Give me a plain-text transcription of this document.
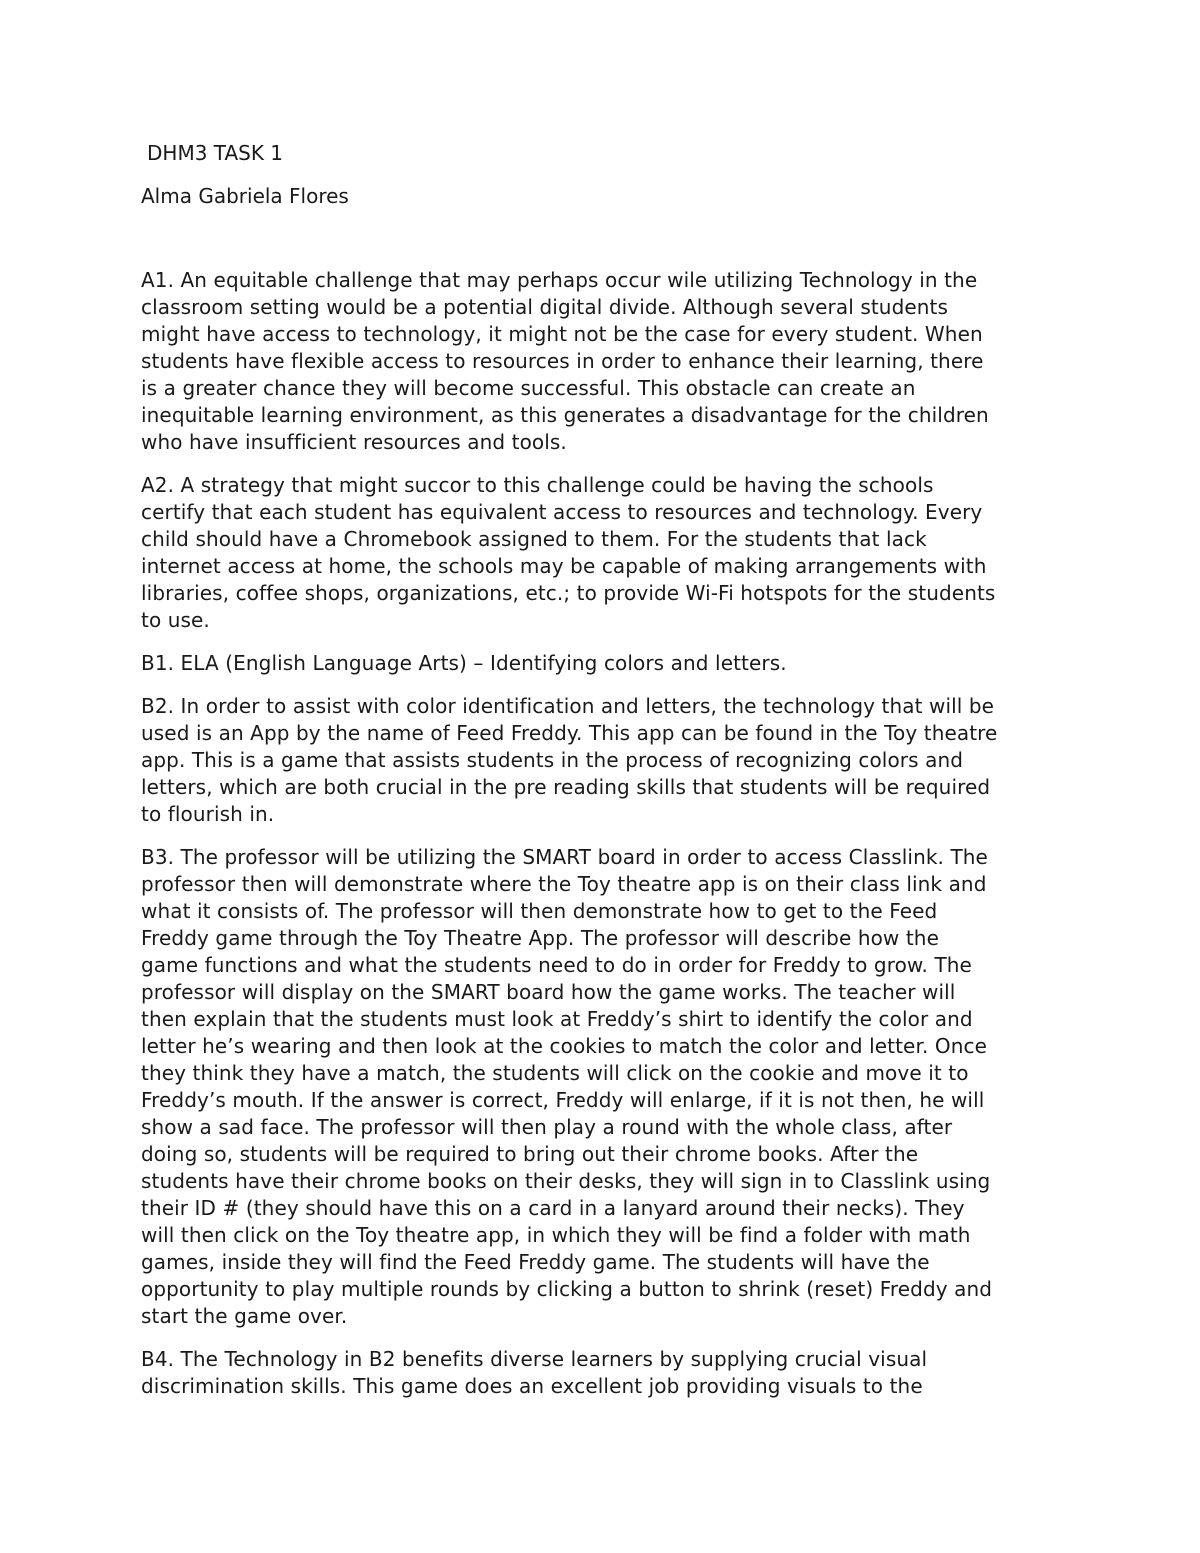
DHM3 TASK 1

Alma Gabriela Flores

A1. An equitable challenge that may perhaps occur wile utilizing Technology in the
classroom setting would be a potential digital divide. Although several students
might have access to technology, it might not be the case for every student. When
students have flexible access to resources in order to enhance their learning, there
is a greater chance they will become successful. This obstacle can create an
inequitable learning environment, as this generates a disadvantage for the children
who have insufficient resources and tools.

A2. A strategy that might succor to this challenge could be having the schools
certify that each student has equivalent access to resources and technology. Every
child should have a Chromebook assigned to them. For the students that lack
internet access at home, the schools may be capable of making arrangements with
libraries, coffee shops, organizations, etc.; to provide Wi-Fi hotspots for the students
to use.

B1. ELA (English Language Arts) – Identifying colors and letters.

B2. In order to assist with color identification and letters, the technology that will be
used is an App by the name of Feed Freddy. This app can be found in the Toy theatre
app. This is a game that assists students in the process of recognizing colors and
letters, which are both crucial in the pre reading skills that students will be required
to flourish in.

B3. The professor will be utilizing the SMART board in order to access Classlink. The
professor then will demonstrate where the Toy theatre app is on their class link and
what it consists of. The professor will then demonstrate how to get to the Feed
Freddy game through the Toy Theatre App. The professor will describe how the
game functions and what the students need to do in order for Freddy to grow. The
professor will display on the SMART board how the game works. The teacher will
then explain that the students must look at Freddy’s shirt to identify the color and
letter he’s wearing and then look at the cookies to match the color and letter. Once
they think they have a match, the students will click on the cookie and move it to
Freddy’s mouth. If the answer is correct, Freddy will enlarge, if it is not then, he will
show a sad face. The professor will then play a round with the whole class, after
doing so, students will be required to bring out their chrome books. After the
students have their chrome books on their desks, they will sign in to Classlink using
their ID # (they should have this on a card in a lanyard around their necks). They
will then click on the Toy theatre app, in which they will be find a folder with math
games, inside they will find the Feed Freddy game. The students will have the
opportunity to play multiple rounds by clicking a button to shrink (reset) Freddy and
start the game over.

B4. The Technology in B2 benefits diverse learners by supplying crucial visual
discrimination skills. This game does an excellent job providing visuals to the
